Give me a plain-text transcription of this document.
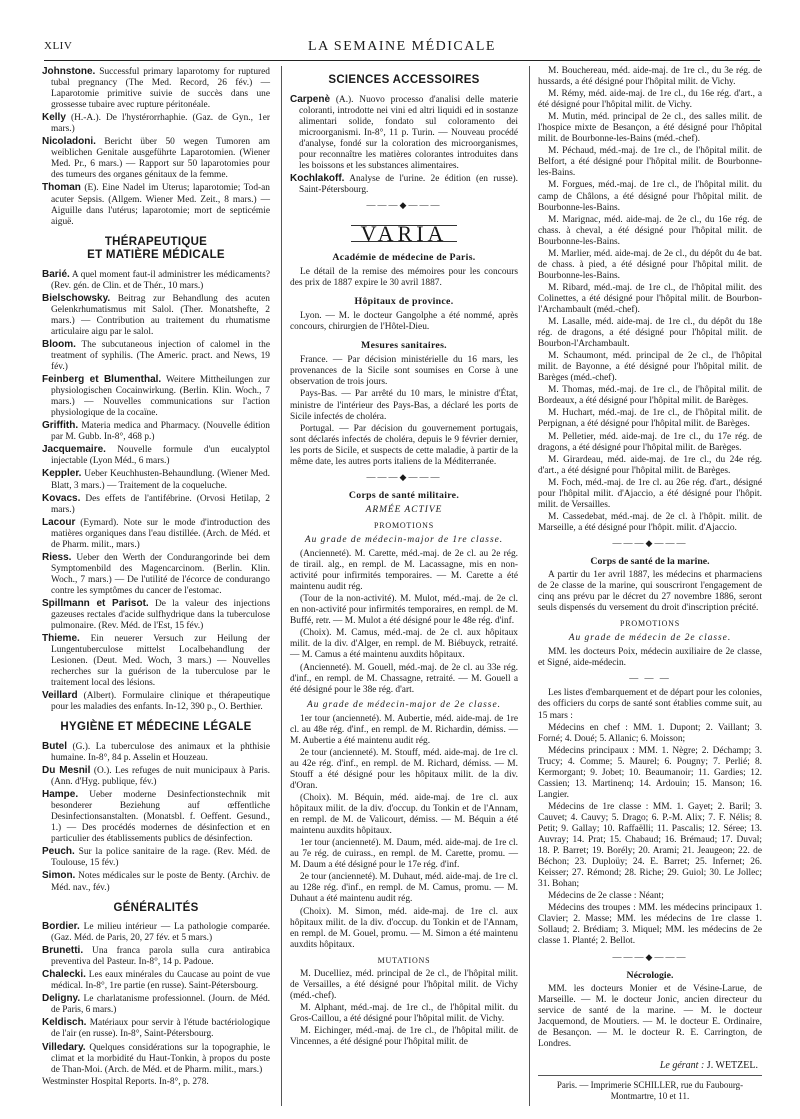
XLIV	LA SEMAINE MÉDICALE
Johnstone. Successful primary laparotomy for ruptured tubal pregnancy (The Med. Record, 26 fév.) — Laparotomie primitive suivie de succès dans une grossesse tubaire avec rupture péritonéale.
Kelly (H.-A.). De l'hystérorrhaphie. (Gaz. de Gyn., 1er mars.)
Nicoladoni. Bericht über 50 wegen Tumoren am weiblichen Genitale ausgeführte Laparotomien. (Wiener Med. Pr., 6 mars.) — Rapport sur 50 laparotomies pour des tumeurs des organes génitaux de la femme.
Thoman (E). Eine Nadel im Uterus; laparotomie; Tod-an acuter Sepsis. (Allgem. Wiener Med. Zeit., 8 mars.) — Aiguille dans l'utérus; laparotomie; mort de septicémie aiguë.
THÉRAPEUTIQUE
ET MATIÈRE MÉDICALE
Barié. A quel moment faut-il administrer les médicaments? (Rev. gén. de Clin. et de Thér., 10 mars.)
Bielschowsky. Beitrag zur Behandlung des acuten Gelenkrhumatismus mit Salol. (Ther. Monatshefte, 2 mars.) — Contribution au traitement du rhumatisme articulaire aigu par le salol.
Bloom. The subcutaneous injection of calomel in the treatment of syphilis. (The Americ. pract. and News, 19 fév.)
Feinberg et Blumenthal. Weitere Mittheilungen zur physiologischen Cocainwirkung. (Berlin. Klin. Woch., 7 mars.) — Nouvelles communications sur l'action physiologique de la cocaïne.
Griffith. Materia medica and Pharmacy. (Nouvelle édition par M. Gubb. In-8°, 468 p.)
Jacquemaire. Nouvelle formule d'un eucalyptol injectable (Lyon Méd., 6 mars.)
Keppler. Ueber Keuchhusten-Behaundlung. (Wiener Med. Blatt, 3 mars.) — Traitement de la coqueluche.
Kovacs. Des effets de l'antifébrine. (Orvosi Hetilap, 2 mars.)
Lacour (Eymard). Note sur le mode d'introduction des matières organiques dans l'eau distillée. (Arch. de Méd. et de Pharm. milit., mars.)
Riess. Ueber den Werth der Condurangorinde bei dem Symptomenbild des Magencarcinom. (Berlin. Klin. Woch., 7 mars.) — De l'utilité de l'écorce de condurango contre les symptômes du cancer de l'estomac.
Spillmann et Parisot. De la valeur des injections gazeuses rectales d'acide sulfhydrique dans la tuberculose pulmonaire. (Rev. Méd. de l'Est, 15 fév.)
Thieme. Ein neuerer Versuch zur Heilung der Lungentuberculose mittelst Localbehandlung der Lesionen. (Deut. Med. Woch, 3 mars.) — Nouvelles recherches sur la guérison de la tuberculose par le traitement local des lésions.
Veillard (Albert). Formulaire clinique et thérapeutique pour les maladies des enfants. In-12, 390 p., O. Berthier.
HYGIÈNE ET MÉDECINE LÉGALE
Butel (G.). La tuberculose des animaux et la phthisie humaine. In-8°, 84 p. Asselin et Houzeau.
Du Mesnil (O.). Les refuges de nuit municipaux à Paris. (Ann. d'Hyg. publique, fév.)
Hampe. Ueber moderne Desinfectionstechnik mit besonderer Beziehung auf œffentliche Desinfectionsanstalten. (Monatsbl. f. Oeffent. Gesund., 1.) — Des procédés modernes de désinfection et en particulier des établissements publics de désinfection.
Peuch. Sur la police sanitaire de la rage. (Rev. Méd. de Toulouse, 15 fév.)
Simon. Notes médicales sur le poste de Benty. (Archiv. de Méd. nav., fév.)
GÉNÉRALITÉS
Bordier. Le milieu intérieur — La pathologie comparée. (Gaz. Méd. de Paris, 20, 27 fév. et 5 mars.)
Brunetti. Una franca parola sulla cura antirabica preventiva del Pasteur. In-8°, 14 p. Padoue.
Chalecki. Les eaux minérales du Caucase au point de vue médical. In-8°, 1re partie (en russe). Saint-Pétersbourg.
Deligny. Le charlatanisme professionnel. (Journ. de Méd. de Paris, 6 mars.)
Keldisch. Matériaux pour servir à l'étude bactériologique de l'air (en russe). In-8°, Saint-Pétersbourg.
Villedary. Quelques considérations sur la topographie, le climat et la morbidité du Haut-Tonkin, à propos du poste de Than-Moi. (Arch. de Méd. et de Pharm. milit., mars.)
Westminster Hospital Reports. In-8°, p. 278.
SCIENCES ACCESSOIRES
Carpenè (A.). Nuovo processo d'analisi delle materie coloranti, introdotte nei vini ed altri liquidi ed in sostanze alimentari solide, fondato sul coloramento dei microorganismi. In-8°, 11 p. Turin. — Nouveau procédé d'analyse, fondé sur la coloration des microorganismes, pour reconnaître les matières colorantes introduites dans les boissons et les substances alimentaires.
Kochlakoff. Analyse de l'urine. 2e édition (en russe). Saint-Pétersbourg.
———◆———
VARIA
Académie de médecine de Paris.
Le détail de la remise des mémoires pour les concours des prix de 1887 expire le 30 avril 1887.
Hôpitaux de province.
Lyon. — M. le docteur Gangolphe a été nommé, après concours, chirurgien de l'Hôtel-Dieu.
Mesures sanitaires.
France. — Par décision ministérielle du 16 mars, les provenances de la Sicile sont soumises en Corse à une observation de trois jours.
Pays-Bas. — Par arrêté du 10 mars, le ministre d'État, ministre de l'intérieur des Pays-Bas, a déclaré les ports de Sicile infectés de choléra.
Portugal. — Par décision du gouvernement portugais, sont déclarés infectés de choléra, depuis le 9 février dernier, les ports de Sicile, et suspects de cette maladie, à partir de la même date, les autres ports italiens de la Méditerranée.
———◆———
Corps de santé militaire.
ARMÉE ACTIVE
PROMOTIONS
Au grade de médecin-major de 1re classe.
(Ancienneté). M. Carette, méd.-maj. de 2e cl. au 2e rég. de tirail. alg., en rempl. de M. Lacassagne, mis en non-activité pour infirmités temporaires. — M. Carette a été maintenu audit rég.
(Tour de la non-activité). M. Mulot, méd.-maj. de 2e cl. en non-activité pour infirmités temporaires, en rempl. de M. Buffé, retr. — M. Mulot a été désigné pour le 48e rég. d'inf.
(Choix). M. Camus, méd.-maj. de 2e cl. aux hôpitaux milit. de la div. d'Alger, en rempl. de M. Biébuyck, retraité. — M. Camus a été maintenu auxdits hôpitaux.
(Ancienneté). M. Gouell, méd.-maj. de 2e cl. au 33e rég. d'inf., en rempl. de M. Chassagne, retraité. — M. Gouell a été désigné pour le 38e rég. d'art.
Au grade de médecin-major de 2e classe.
1er tour (ancienneté). M. Aubertie, méd. aide-maj. de 1re cl. au 48e rég. d'inf., en rempl. de M. Richardin, démiss. — M. Aubertie a été maintenu audit rég.
2e tour (ancienneté). M. Stouff, méd. aide-maj. de 1re cl. au 42e rég. d'inf., en rempl. de M. Richard, démiss. — M. Stouff a été désigné pour les hôpitaux milit. de la div. d'Oran.
(Choix). M. Béquin, méd. aide-maj. de 1re cl. aux hôpitaux milit. de la div. d'occup. du Tonkin et de l'Annam, en rempl. de M. de Valicourt, démiss. — M. Béquin a été maintenu auxdits hôpitaux.
1er tour (ancienneté). M. Daum, méd. aide-maj. de 1re cl. au 7e rég. de cuirass., en rempl. de M. Carette, promu. — M. Daum a été désigné pour le 17e rég. d'inf.
2e tour (ancienneté). M. Duhaut, méd. aide-maj. de 1re cl. au 128e rég. d'inf., en rempl. de M. Camus, promu. — M. Duhaut a été maintenu audit rég.
(Choix). M. Simon, méd. aide-maj. de 1re cl. aux hôpitaux milit. de la div. d'occup. du Tonkin et de l'Annam, en rempl. de M. Gouel, promu. — M. Simon a été maintenu auxdits hôpitaux.
MUTATIONS
M. Ducelliez, méd. principal de 2e cl., de l'hôpital milit. de Versailles, a été désigné pour l'hôpital milit. de Vichy (méd.-chef).
M. Alphant, méd.-maj. de 1re cl., de l'hôpital milit. du Gros-Caillou, a été désigné pour l'hôpital milit. de Vichy.
M. Eichinger, méd.-maj. de 1re cl., de l'hôpital milit. de Vincennes, a été désigné pour l'hôpital milit. de
M. Bouchereau, méd. aide-maj. de 1re cl., du 3e rég. de hussards, a été désigné pour l'hôpital milit. de Vichy.
M. Rémy, méd. aide-maj. de 1re cl., du 16e rég. d'art., a été désigné pour l'hôpital milit. de Vichy.
M. Mutin, méd. principal de 2e cl., des salles milit. de l'hospice mixte de Besançon, a été désigné pour l'hôpital milit. de Bourbonne-les-Bains (méd.-chef).
M. Péchaud, méd.-maj. de 1re cl., de l'hôpital milit. de Belfort, a été désigné pour l'hôpital milit. de Bourbonne-les-Bains.
M. Forgues, méd.-maj. de 1re cl., de l'hôpital milit. du camp de Châlons, a été désigné pour l'hôpital milit. de Bourbonne-les-Bains.
M. Marignac, méd. aide-maj. de 2e cl., du 16e rég. de chass. à cheval, a été désigné pour l'hôpital milit. de Bourbonne-les-Bains.
M. Marlier, méd. aide-maj. de 2e cl., du dépôt du 4e bat. de chass. à pied, a été désigné pour l'hôpital milit. de Bourbonne-les-Bains.
M. Ribard, méd.-maj. de 1re cl., de l'hôpital milit. des Colinettes, a été désigné pour l'hôpital milit. de Bourbon-l'Archambault (méd.-chef).
M. Lasalle, méd. aide-maj. de 1re cl., du dépôt du 18e rég. de dragons, a été désigné pour l'hôpital milit. de Bourbon-l'Archambault.
M. Schaumont, méd. principal de 2e cl., de l'hôpital milit. de Bayonne, a été désigné pour l'hôpital milit. de Barèges (méd.-chef).
M. Thomas, méd.-maj. de 1re cl., de l'hôpital milit. de Bordeaux, a été désigné pour l'hôpital milit. de Barèges.
M. Huchart, méd.-maj. de 1re cl., de l'hôpital milit. de Perpignan, a été désigné pour l'hôpital milit. de Barèges.
M. Pelletier, méd. aide-maj. de 1re cl., du 17e rég. de dragons, a été désigné pour l'hôpital milit. de Barèges.
M. Girardeau, méd. aide-maj. de 1re cl., du 24e rég. d'art., a été désigné pour l'hôpital milit. de Barèges.
M. Foch, méd.-maj. de 1re cl. au 26e rég. d'art., désigné pour l'hôpital milit. d'Ajaccio, a été désigné pour l'hôpit. milit. de Versailles.
M. Cassedebat, méd.-maj. de 2e cl. à l'hôpit. milit. de Marseille, a été désigné pour l'hôpit. milit. d'Ajaccio.
———◆———
Corps de santé de la marine.
A partir du 1er avril 1887, les médecins et pharmaciens de 2e classe de la marine, qui souscriront l'engagement de cinq ans prévu par le décret du 27 novembre 1886, seront seuls dispensés du versement du droit d'inscription précité.
PROMOTIONS
Au grade de médecin de 2e classe.
MM. les docteurs Poix, médecin auxiliaire de 2e classe, et Signé, aide-médecin.
— — —
Les listes d'embarquement et de départ pour les colonies, des officiers du corps de santé sont établies comme suit, au 15 mars :
Médecins en chef : MM. 1. Dupont; 2. Vaillant; 3. Forné; 4. Doué; 5. Allanic; 6. Moisson;
Médecins principaux : MM. 1. Nègre; 2. Déchamp; 3. Trucy; 4. Comme; 5. Maurel; 6. Pougny; 7. Perlié; 8. Kermorgant; 9. Jobet; 10. Beaumanoir; 11. Gardies; 12. Cassien; 13. Martinenq; 14. Ardouin; 15. Manson; 16. Langier.
Médecins de 1re classe : MM. 1. Gayet; 2. Baril; 3. Cauvet; 4. Cauvy; 5. Drago; 6. P.-M. Alix; 7. F. Nélis; 8. Petit; 9. Gallay; 10. Raffaëlli; 11. Pascalis; 12. Séree; 13. Auvray; 14. Prat; 15. Chabaud; 16. Brémaud; 17. Duval; 18. P. Barret; 19. Borély; 20. Arami; 21. Jeaugeon; 22. de Béchon; 23. Duploüy; 24. E. Barret; 25. Infernet; 26. Keisser; 27. Rémond; 28. Riche; 29. Guiol; 30. Le Jollec; 31. Bohan;
Médecins de 2e classe : Néant;
Médecins des troupes : MM. les médecins principaux 1. Clavier; 2. Masse; MM. les médecins de 1re classe 1. Sollaud; 2. Brédiam; 3. Miquel; MM. les médecins de 2e classe 1. Planté; 2. Bellot.
———◆———
Nécrologie.
MM. les docteurs Monier et de Vésine-Larue, de Marseille. — M. le docteur Jonic, ancien directeur du service de santé de la marine. — M. le docteur Jacquemond, de Moutiers. — M. le docteur E. Ordinaire, de Besançon. — M. le docteur R. E. Carrington, de Londres.
Le gérant : J. WETZEL.
Paris. — Imprimerie SCHILLER, rue du Faubourg-
Montmartre, 10 et 11.
